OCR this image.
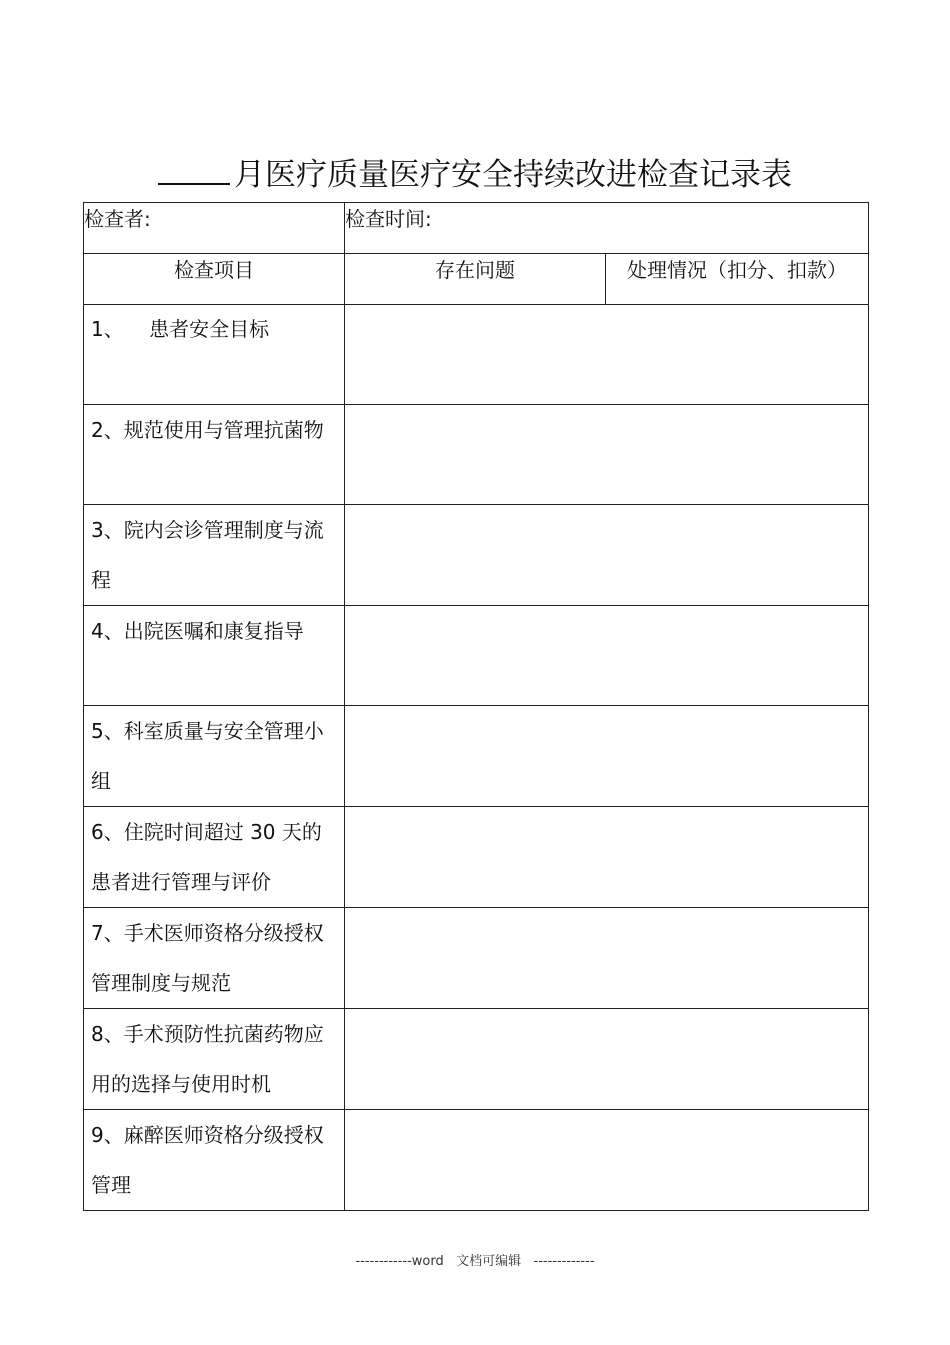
月医疗质量医疗安全持续改进检查记录表
检查者:	检查时间:	
检查项目	存在问题	处理情况（扣分、扣款）

1、    患者安全目标		

2、规范使用与管理抗菌物		

3、院内会诊管理制度与流程		

4、出院医嘱和康复指导		

5、科室质量与安全管理小组		

6、住院时间超过 30 天的患者进行管理与评价		

7、手术医师资格分级授权管理制度与规范		

8、手术预防性抗菌药物应用的选择与使用时机		

9、麻醉医师资格分级授权管理		

------------word   文档可编辑   -------------
